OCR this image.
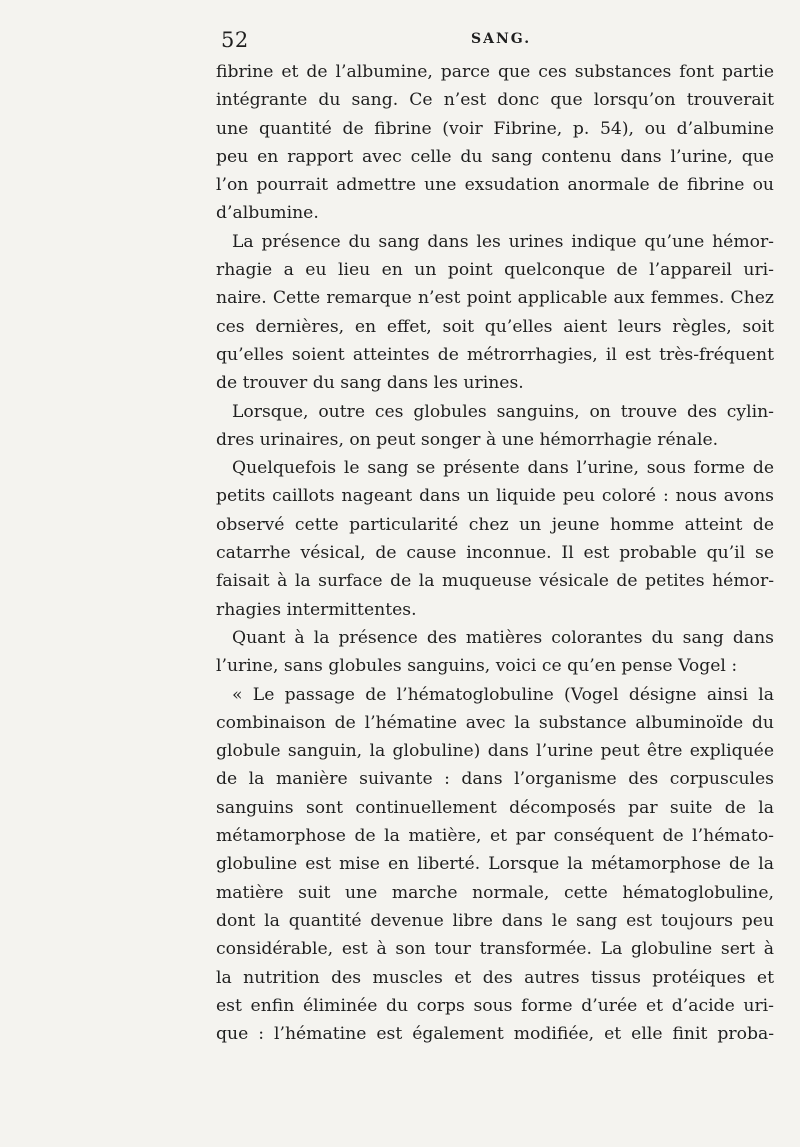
52	SANG.
fibrine et de l’albumine, parce que ces substances font partie
intégrante du sang. Ce n’est donc que lorsqu’on trouverait
une quantité de fibrine (voir Fibrine, p. 54), ou d’albumine
peu en rapport avec celle du sang contenu dans l’urine, que
l’on pourrait admettre une exsudation anormale de fibrine ou
d’albumine.
La présence du sang dans les urines indique qu’une hémor-
rhagie a eu lieu en un point quelconque de l’appareil uri-
naire. Cette remarque n’est point applicable aux femmes. Chez
ces dernières, en effet, soit qu’elles aient leurs règles, soit
qu’elles soient atteintes de métrorrhagies, il est très-fréquent
de trouver du sang dans les urines.
Lorsque, outre ces globules sanguins, on trouve des cylin-
dres urinaires, on peut songer à une hémorrhagie rénale.
Quelquefois le sang se présente dans l’urine, sous forme de
petits caillots nageant dans un liquide peu coloré : nous avons
observé cette particularité chez un jeune homme atteint de
catarrhe vésical, de cause inconnue. Il est probable qu’il se
faisait à la surface de la muqueuse vésicale de petites hémor-
rhagies intermittentes.
Quant à la présence des matières colorantes du sang dans
l’urine, sans globules sanguins, voici ce qu’en pense Vogel :
« Le passage de l’hématoglobuline (Vogel désigne ainsi la
combinaison de l’hématine avec la substance albuminoïde du
globule sanguin, la globuline) dans l’urine peut être expliquée
de la manière suivante : dans l’organisme des corpuscules
sanguins sont continuellement décomposés par suite de la
métamorphose de la matière, et par conséquent de l’hémato-
globuline est mise en liberté. Lorsque la métamorphose de la
matière suit une marche normale, cette hématoglobuline,
dont la quantité devenue libre dans le sang est toujours peu
considérable, est à son tour transformée. La globuline sert à
la nutrition des muscles et des autres tissus protéiques et
est enfin éliminée du corps sous forme d’urée et d’acide uri-
que : l’hématine est également modifiée, et elle finit proba-
